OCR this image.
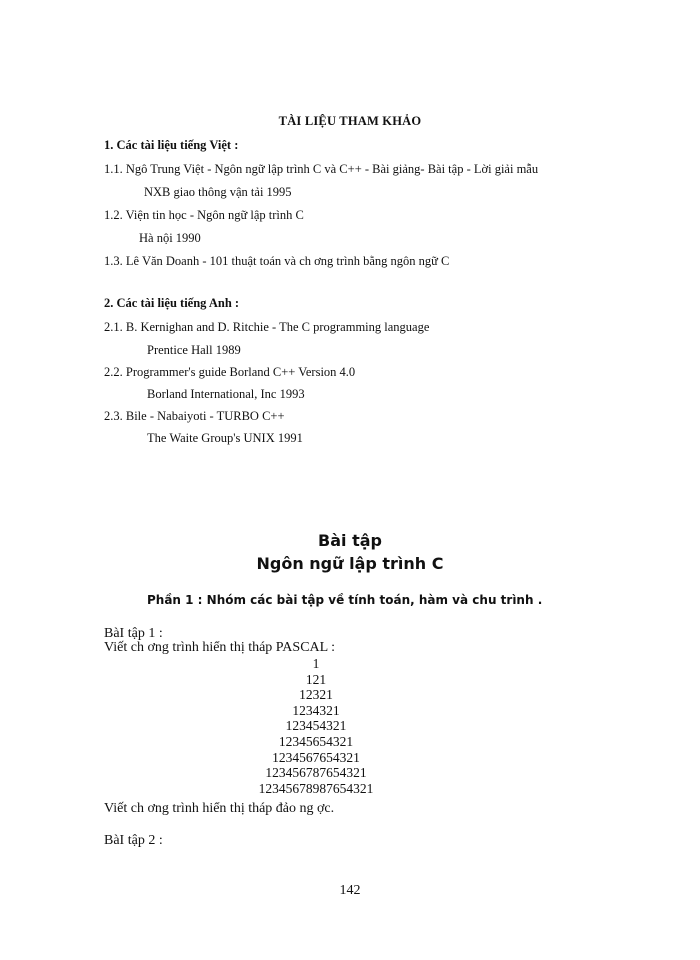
TÀI LIỆU THAM KHẢO
1. Các tài liệu tiếng Việt :
1.1. Ngô Trung Việt - Ngôn ngữ lập trình C và C++ - Bài giảng- Bài tập - Lời giải mẫu
NXB giao thông vận tải 1995
1.2. Viện tin học - Ngôn ngữ lập trình C
Hà nội 1990
1.3. Lê Văn Doanh - 101 thuật toán và ch ơng trình bằng ngôn ngữ C
2. Các tài liệu tiếng Anh :
2.1. B. Kernighan and D. Ritchie - The C programming language
Prentice Hall 1989
2.2. Programmer's guide Borland C++ Version 4.0
Borland International, Inc 1993
2.3. Bile - Nabaiyoti - TURBO C++
The Waite Group's UNIX 1991
Bài tập
Ngôn ngữ lập trình C
Phần 1 : Nhóm các bài tập về tính toán, hàm và chu trình .
BàI tập 1 :
Viết ch ơng trình hiển thị tháp PASCAL :
1
121
12321
1234321
123454321
12345654321
1234567654321
123456787654321
12345678987654321
Viết ch ơng trình hiển thị tháp đảo ng ợc.
BàI tập 2 :
142
